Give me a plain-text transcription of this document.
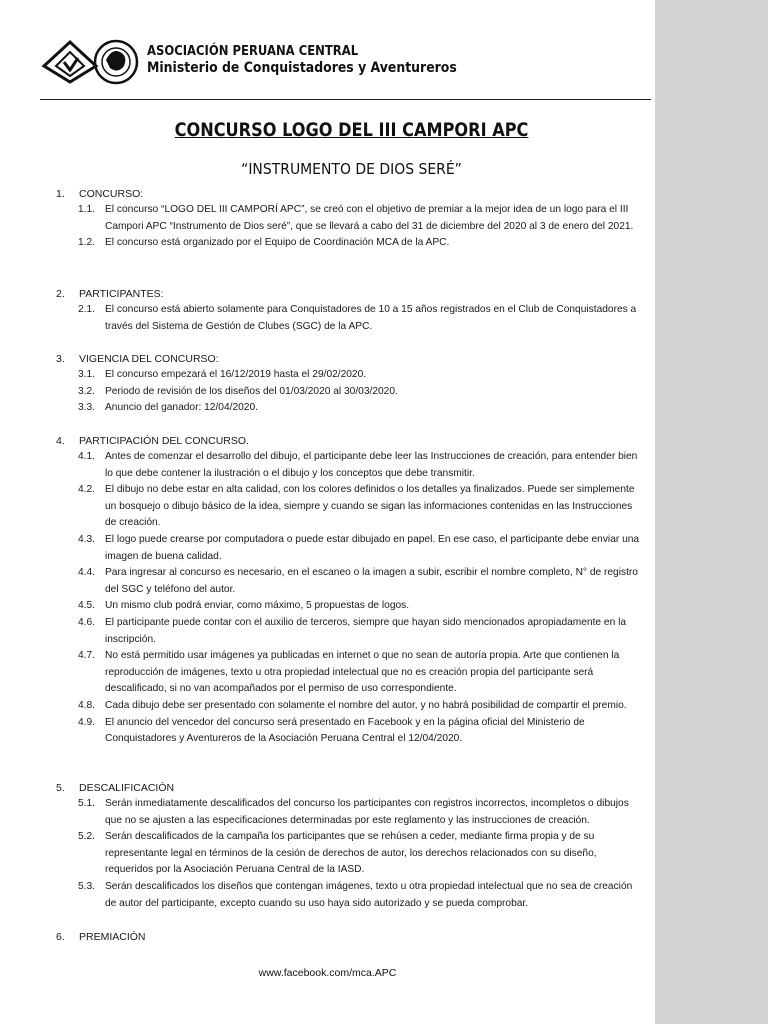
ASOCIACIÓN PERUANA CENTRAL
Ministerio de Conquistadores y Aventureros
CONCURSO LOGO DEL III CAMPORI APC
“INSTRUMENTO DE DIOS SERÉ”
1. CONCURSO:
1.1. El concurso “LOGO DEL III CAMPORÍ APC”, se creó con el objetivo de premiar a la mejor idea de un logo para el III Campori APC “Instrumento de Dios seré”, que se llevará a cabo del 31 de diciembre del 2020 al 3 de enero del 2021.
1.2. El concurso está organizado por el Equipo de Coordinación MCA de la APC.
2. PARTICIPANTES:
2.1. El concurso está abierto solamente para Conquistadores de 10 a 15 años registrados en el Club de Conquistadores a través del Sistema de Gestión de Clubes (SGC) de la APC.
3. VIGENCIA DEL CONCURSO:
3.1. El concurso empezará el 16/12/2019 hasta el 29/02/2020.
3.2. Periodo de revisión de los diseños del 01/03/2020 al 30/03/2020.
3.3. Anuncio del ganador: 12/04/2020.
4. PARTICIPACIÓN DEL CONCURSO.
4.1. Antes de comenzar el desarrollo del dibujo, el participante debe leer las Instrucciones de creación, para entender bien lo que debe contener la ilustración o el dibujo y los conceptos que debe transmitir.
4.2. El dibujo no debe estar en alta calidad, con los colores definidos o los detalles ya finalizados. Puede ser simplemente un bosquejo o dibujo básico de la idea, siempre y cuando se sigan las informaciones contenidas en las Instrucciones de creación.
4.3. El logo puede crearse por computadora o puede estar dibujado en papel. En ese caso, el participante debe enviar una imagen de buena calidad.
4.4. Para ingresar al concurso es necesario, en el escaneo o la imagen a subir, escribir el nombre completo, N° de registro del SGC y teléfono del autor.
4.5. Un mismo club podrá enviar, como máximo, 5 propuestas de logos.
4.6. El participante puede contar con el auxilio de terceros, siempre que hayan sido mencionados apropiadamente en la inscripción.
4.7. No está permitido usar imágenes ya publicadas en internet o que no sean de autoría propia. Arte que contienen la reproducción de imágenes, texto u otra propiedad intelectual que no es creación propia del participante será descalificado, si no van acompañados por el permiso de uso correspondiente.
4.8. Cada dibujo debe ser presentado con solamente el nombre del autor, y no habrá posibilidad de compartir el premio.
4.9. El anuncio del vencedor del concurso será presentado en Facebook y en la página oficial del Ministerio de Conquistadores y Aventureros de la Asociación Peruana Central el 12/04/2020.
5. DESCALIFICACIÓN
5.1. Serán inmediatamente descalificados del concurso los participantes con registros incorrectos, incompletos o dibujos que no se ajusten a las especificaciones determinadas por este reglamento y las instrucciones de creación.
5.2. Serán descalificados de la campaña los participantes que se rehúsen a ceder, mediante firma propia y de su representante legal en términos de la cesión de derechos de autor, los derechos relacionados con su diseño, requeridos por la Asociación Peruana Central de la IASD.
5.3. Serán descalificados los diseños que contengan imágenes, texto u otra propiedad intelectual que no sea de creación de autor del participante, excepto cuando su uso haya sido autorizado y se pueda comprobar.
6. PREMIACIÓN
www.facebook.com/mca.APC
